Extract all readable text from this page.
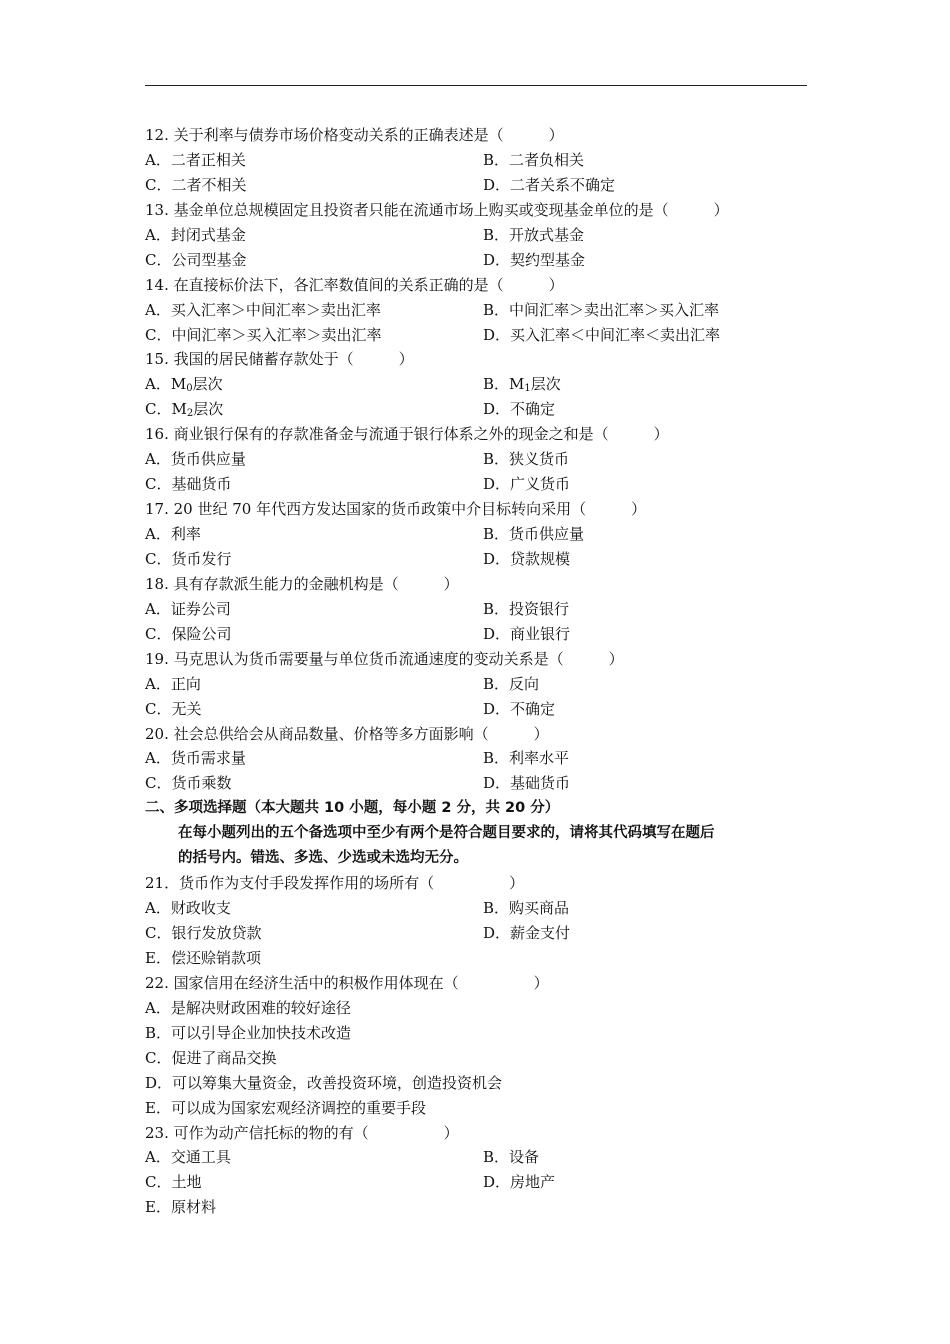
12. 关于利率与债券市场价格变动关系的正确表述是（　　　）
A．二者正相关	B．二者负相关
C．二者不相关	D．二者关系不确定
13. 基金单位总规模固定且投资者只能在流通市场上购买或变现基金单位的是（　　　）
A．封闭式基金	B．开放式基金
C．公司型基金	D．契约型基金
14. 在直接标价法下，各汇率数值间的关系正确的是（　　　）
A．买入汇率＞中间汇率＞卖出汇率	B．中间汇率＞卖出汇率＞买入汇率
C．中间汇率＞买入汇率＞卖出汇率	D．买入汇率＜中间汇率＜卖出汇率
15. 我国的居民储蓄存款处于（　　　）
A．$M_0$层次	B．$M_1$层次
C．$M_2$层次	D．不确定
16. 商业银行保有的存款准备金与流通于银行体系之外的现金之和是（　　　）
A．货币供应量	B．狭义货币
C．基础货币	D．广义货币
17. 20 世纪 70 年代西方发达国家的货币政策中介目标转向采用（　　　）
A．利率	B．货币供应量
C．货币发行	D．贷款规模
18. 具有存款派生能力的金融机构是（　　　）
A．证券公司	B．投资银行
C．保险公司	D．商业银行
19. 马克思认为货币需要量与单位货币流通速度的变动关系是（　　　）
A．正向	B．反向
C．无关	D．不确定
20. 社会总供给会从商品数量、价格等多方面影响（　　　）
A．货币需求量	B．利率水平
C．货币乘数	D．基础货币
二、多项选择题（本大题共 10 小题，每小题 2 分，共 20 分）
在每小题列出的五个备选项中至少有两个是符合题目要求的，请将其代码填写在题后
的括号内。错选、多选、少选或未选均无分。
21．货币作为支付手段发挥作用的场所有（　　　　　）
A．财政收支	B．购买商品
C．银行发放贷款	D．薪金支付
E．偿还赊销款项
22. 国家信用在经济生活中的积极作用体现在（　　　　　）
A．是解决财政困难的较好途径
B．可以引导企业加快技术改造
C．促进了商品交换
D．可以筹集大量资金，改善投资环境，创造投资机会
E．可以成为国家宏观经济调控的重要手段
23. 可作为动产信托标的物的有（　　　　　）
A．交通工具	B．设备
C．土地	D．房地产
E．原材料
